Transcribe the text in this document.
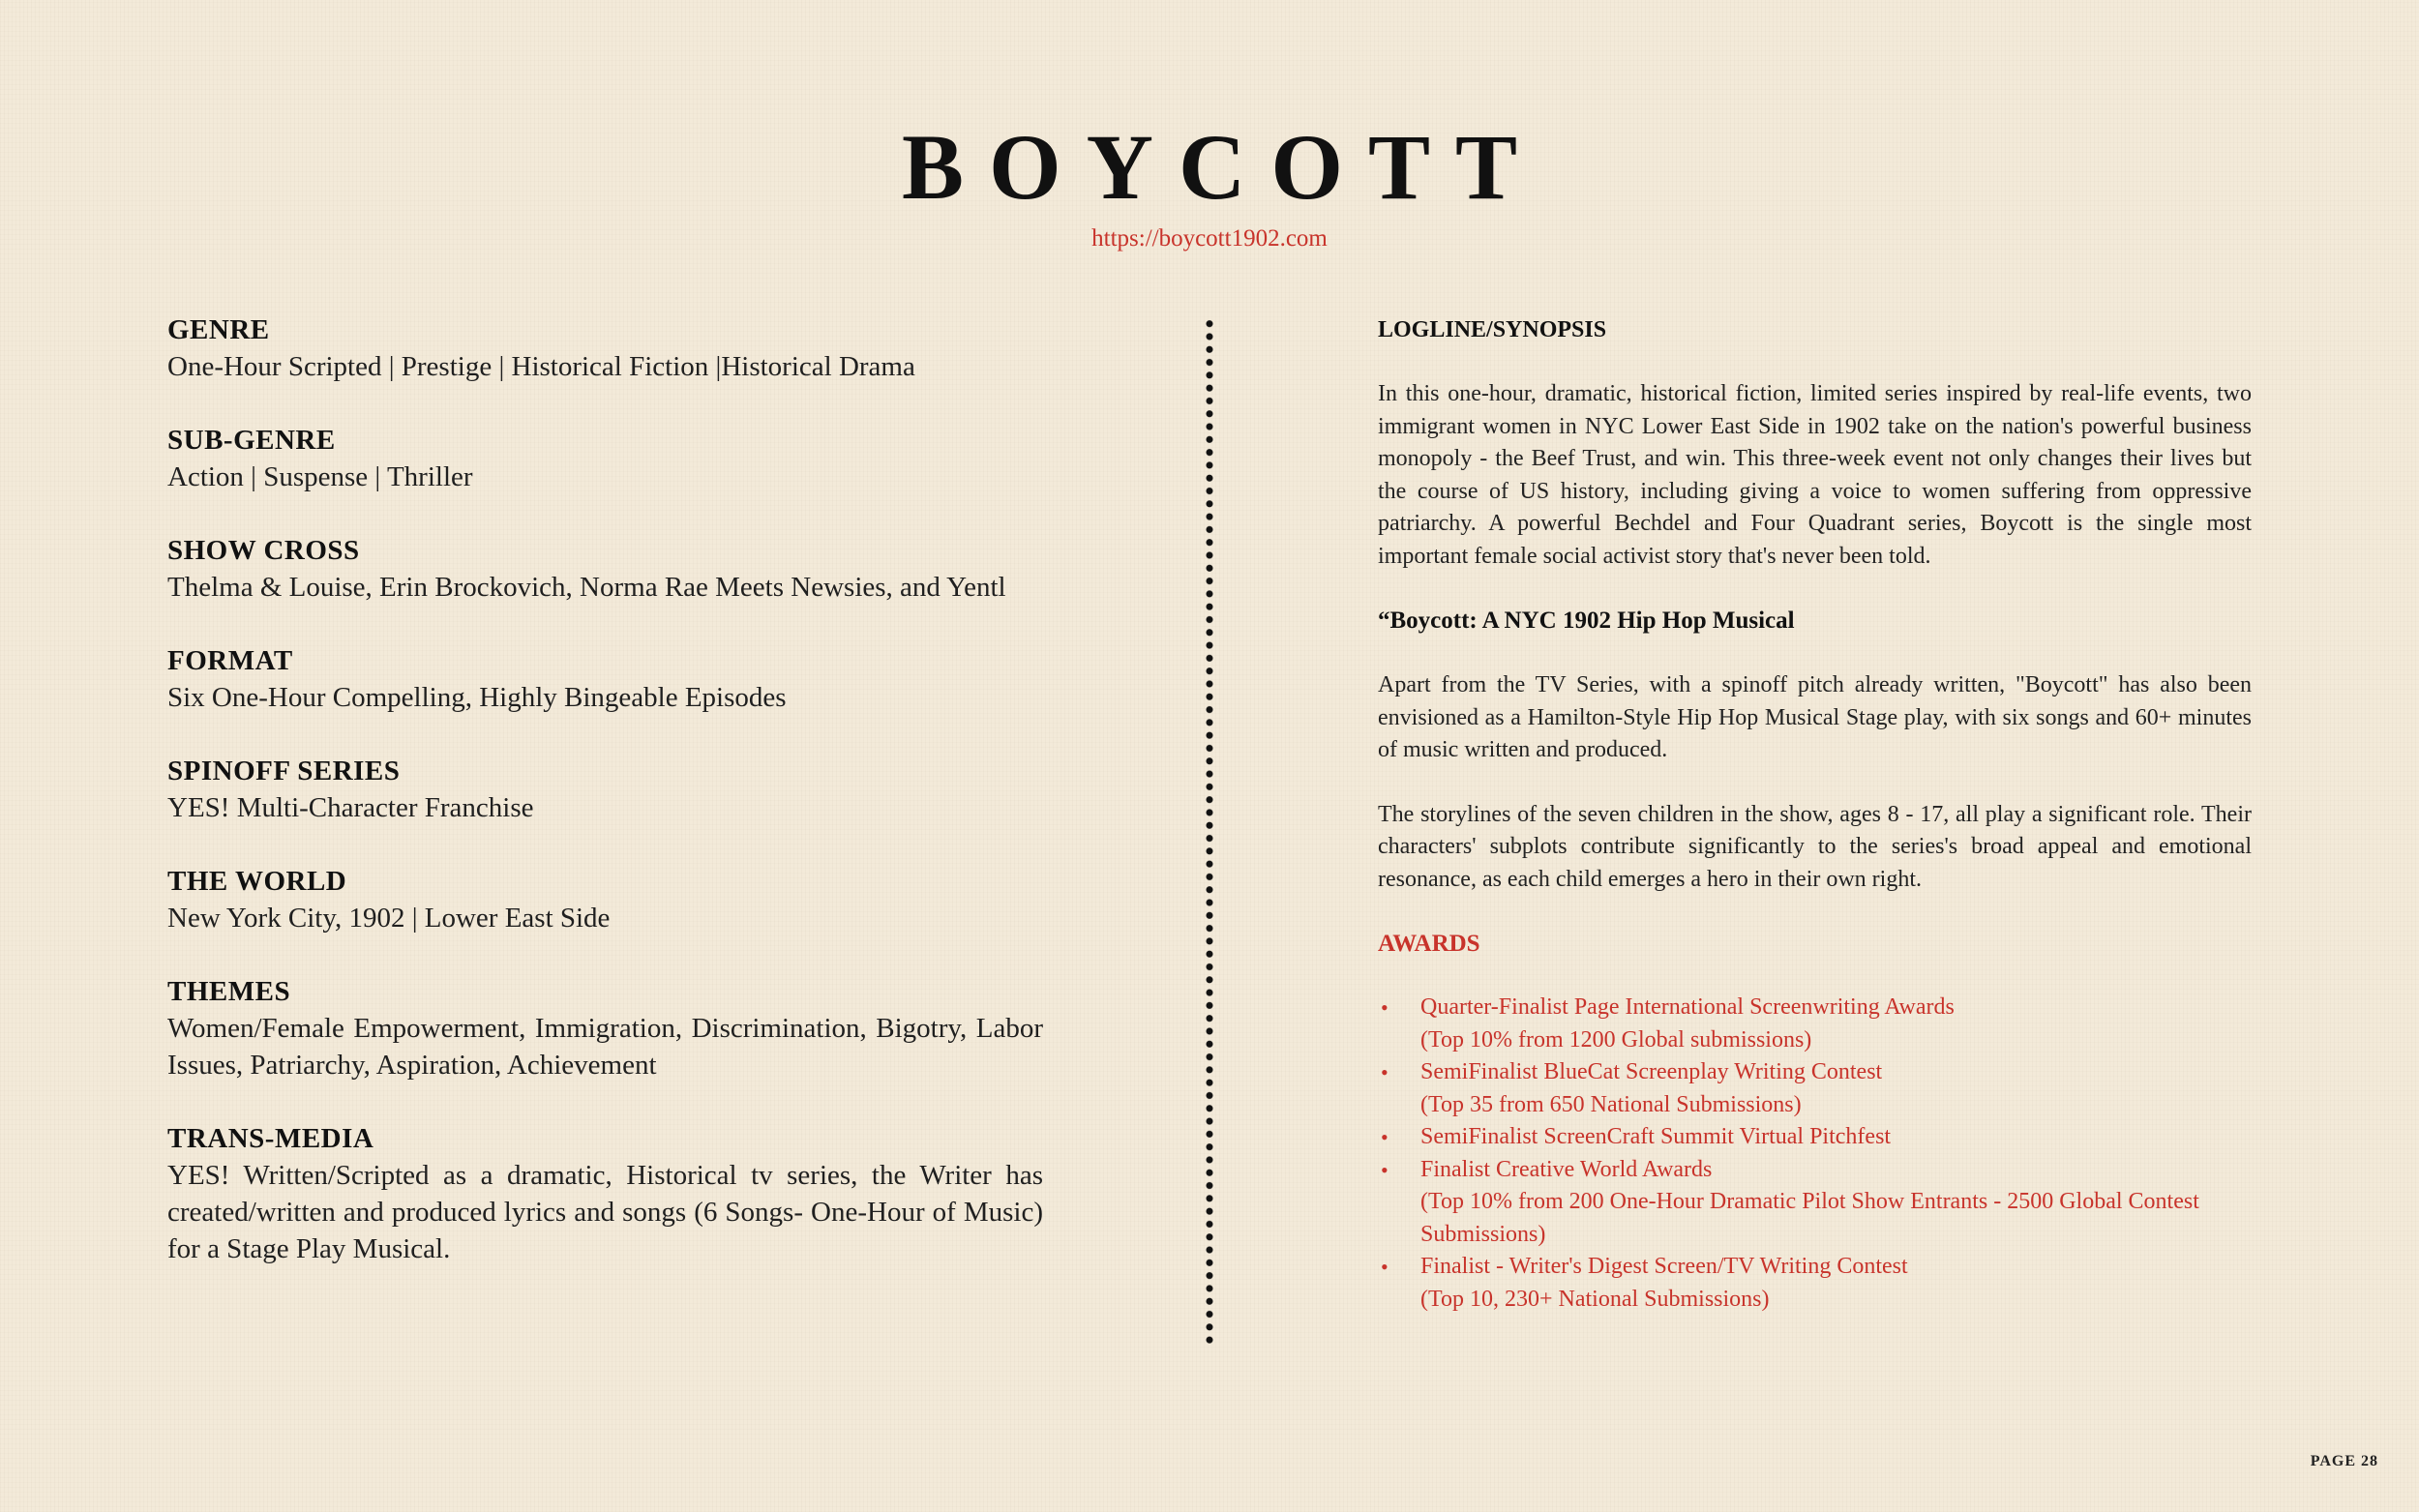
BOYCOTT
https://boycott1902.com
GENRE
One-Hour Scripted | Prestige | Historical Fiction |Historical Drama
SUB-GENRE
Action | Suspense | Thriller
SHOW CROSS
Thelma & Louise, Erin Brockovich, Norma Rae Meets Newsies, and Yentl
FORMAT
Six One-Hour Compelling, Highly Bingeable Episodes
SPINOFF SERIES
YES! Multi-Character Franchise
THE WORLD
New York City, 1902 | Lower East Side
THEMES
Women/Female Empowerment, Immigration, Discrimination, Bigotry, Labor Issues, Patriarchy, Aspiration, Achievement
TRANS-MEDIA
YES! Written/Scripted as a dramatic, Historical tv series, the Writer has created/written and produced lyrics and songs (6 Songs- One-Hour of Music) for a Stage Play Musical.
LOGLINE/SYNOPSIS
In this one-hour, dramatic, historical fiction, limited series inspired by real-life events, two immigrant women in NYC Lower East Side in 1902 take on the nation's powerful business monopoly - the Beef Trust, and win. This three-week event not only changes their lives but the course of US history, including giving a voice to women suffering from oppressive patriarchy. A powerful Bechdel and Four Quadrant series, Boycott is the single most important female social activist story that's never been told.
“Boycott: A NYC 1902 Hip Hop Musical
Apart from the TV Series, with a spinoff pitch already written, "Boycott" has also been envisioned as a Hamilton-Style Hip Hop Musical Stage play, with six songs and 60+ minutes of music written and produced.
The storylines of the seven children in the show, ages 8 - 17, all play a significant role. Their characters' subplots contribute significantly to the series's broad appeal and emotional resonance, as each child emerges a hero in their own right.
AWARDS
• Quarter-Finalist Page International Screenwriting Awards
(Top 10% from 1200 Global submissions)
• SemiFinalist BlueCat Screenplay Writing Contest
(Top 35 from 650 National Submissions)
• SemiFinalist ScreenCraft Summit Virtual Pitchfest
• Finalist Creative World Awards
(Top 10% from 200 One-Hour Dramatic Pilot Show Entrants - 2500 Global Contest Submissions)
• Finalist - Writer's Digest Screen/TV Writing Contest
(Top 10, 230+ National Submissions)
PAGE 28
